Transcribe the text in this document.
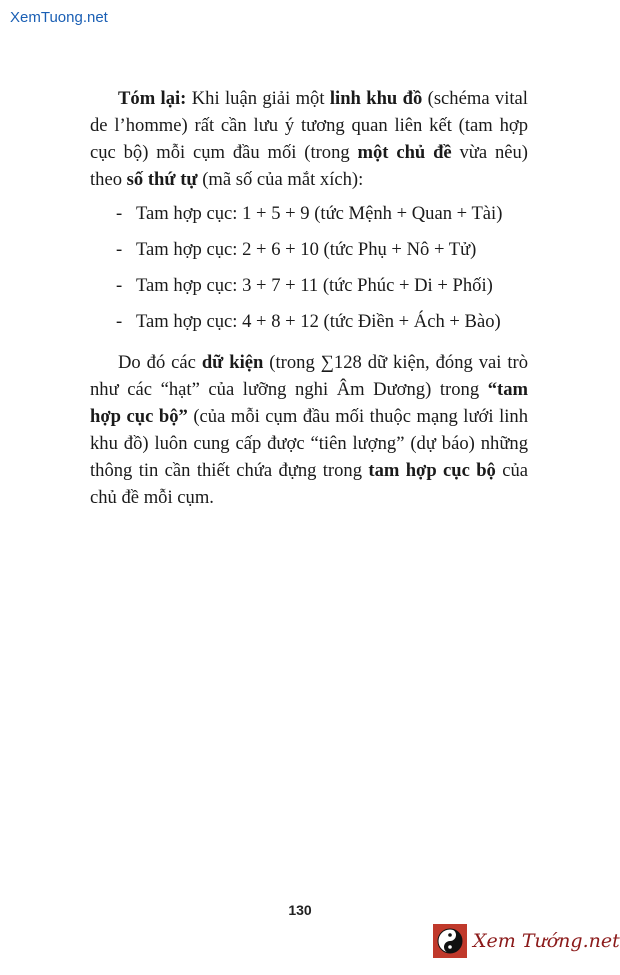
XemTuong.net

Tóm lại: Khi luận giải một linh khu đồ (schéma vital de l’homme) rất cần lưu ý tương quan liên kết (tam hợp cục bộ) mỗi cụm đầu mối (trong một chủ đề vừa nêu) theo số thứ tự (mã số của mắt xích):

- Tam hợp cục: 1 + 5 + 9 (tức Mệnh + Quan + Tài)
- Tam hợp cục: 2 + 6 + 10 (tức Phụ + Nô + Tử)
- Tam hợp cục: 3 + 7 + 11 (tức Phúc + Di + Phối)
- Tam hợp cục: 4 + 8 + 12 (tức Điền + Ách + Bào)

Do đó các dữ kiện (trong ∑128 dữ kiện, đóng vai trò như các “hạt” của lưỡng nghi Âm Dương) trong “tam hợp cục bộ” (của mỗi cụm đầu mối thuộc mạng lưới linh khu đồ) luôn cung cấp được “tiên lượng” (dự báo) những thông tin cần thiết chứa đựng trong tam hợp cục bộ của chủ đề mỗi cụm.

130
Xem Tướng.net
